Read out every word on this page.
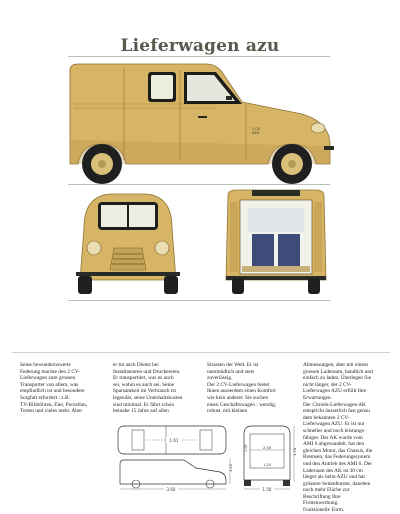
Lieferwagen azu
2 CV AZU
Seine bewundernswerte
Federung machte den 2 CV-
Lieferwagen zum grossen
Transporter von allem, was
empfindlich ist und besondere
Sorgfalt erfordert : z.B.
TV-Bildröhren, Eier, Porzellan,
Torten und vieles mehr. Aber
er tut auch Dienst bei
Installateuren und Druckereien.
Er transportiert, was es auch
sei, wohin es auch sei. Seine
Sparsamkeit im Verbrauch ist
legendär, seine Unterhaltskosten
sind minimal. Er fährt schon
beinahe 15 Jahre auf allen
Strassen der Welt. Er ist
unermüdlich und stets
zuverlässig.
Der 2 CV-Lieferwagen bietet
Ihnen ausserdem einen Komfort
wie kein anderer. Sie suchen
einen Geschäftswagen : wendig,
robust, mit kleinen
Abmessungen, aber mit einem
grossen Laderaum, handlich und
einfach zu laden. Überlegen Sie
nicht länger, der 2 CV-
Lieferwagen AZU erfüllt Ihre
Erwartungen.
Der Citroën-Lieferwagen AK
entspricht äusserlich fast genau
dem bekannten 2 CV-
Lieferwagen AZU. Er ist nur
schneller und noch leistungs-
fähiger. Der AK wurde vom
AMI 6 abgewandelt, hat den
gleichen Motor, das Chassis, die
Bremsen, das Federungssystem
und den Antrieb des AMI 6. Der
Laderaum des AK ist 30 cm
länger als beim AZU und hat
grössere Seitenfenster, daneben
noch mehr Fläche zur
Beschriftung Ihre
Firmenwerbung.
Funktionelle Form.
1.61
1.20
3.60
2.30
1.05
1.20
1.74
1.50
